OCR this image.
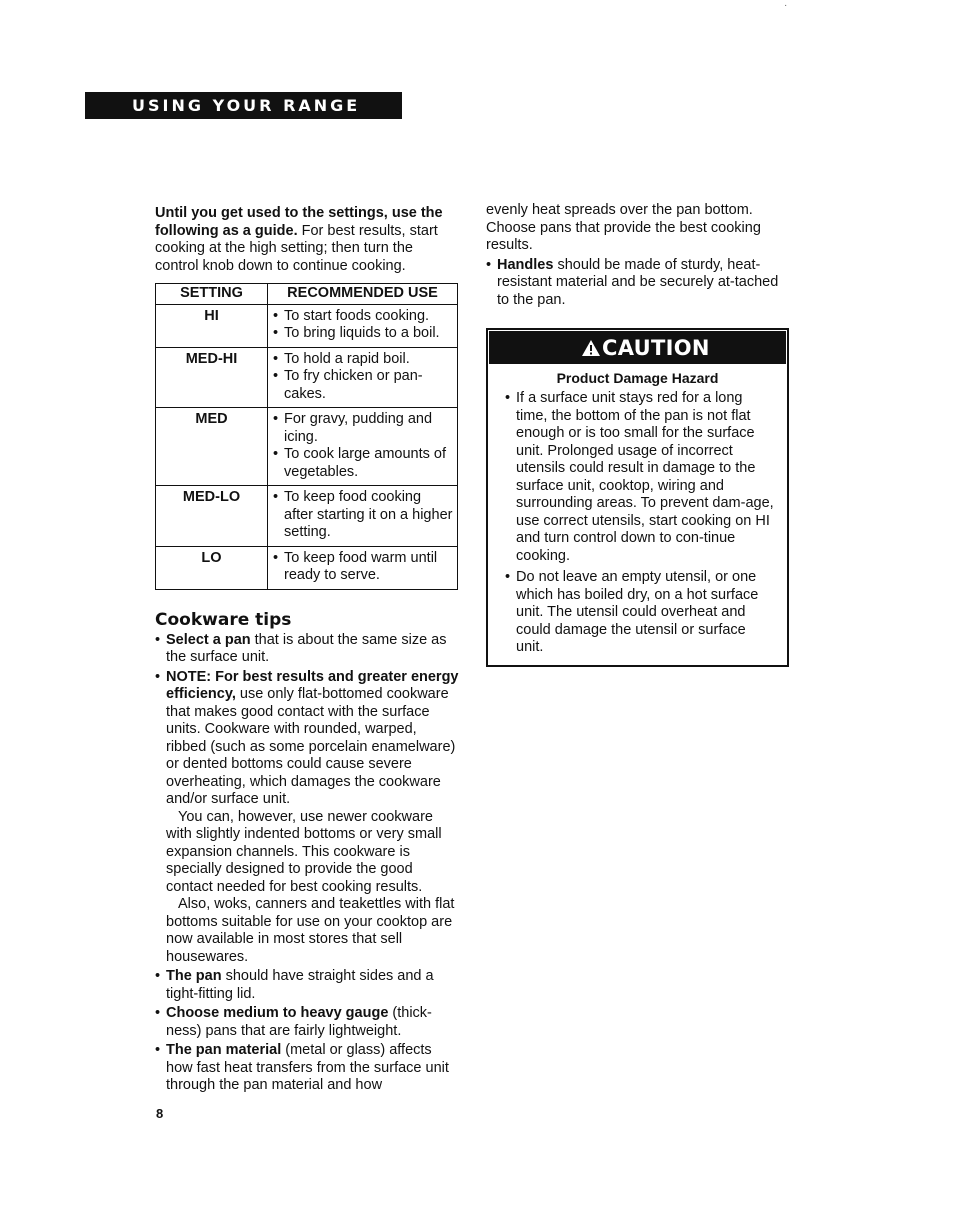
·
USING YOUR RANGE

Until you get used to the settings, use the following as a guide. For best results, start cooking at the high setting; then turn the control knob down to continue cooking.

SETTING	RECOMMENDED USE
HI	• To start foods cooking.
• To bring liquids to a boil.

MED-HI	• To hold a rapid boil.
• To fry chicken or pan-cakes.

MED	• For gravy, pudding and icing.
• To cook large amounts of vegetables.

MED-LO	• To keep food cooking after starting it on a higher setting.

LO	• To keep food warm until ready to serve.
Cookware tips
• Select a pan that is about the same size as the surface unit.

• NOTE: For best results and greater energy efficiency, use only flat-bottomed cookware that makes good contact with the surface units. Cookware with rounded, warped, ribbed (such as some porcelain enamelware) or dented bottoms could cause severe overheating, which damages the cookware and/or surface unit.

You can, however, use newer cookware with slightly indented bottoms or very small expansion channels. This cookware is specially designed to provide the good contact needed for best cooking results.

Also, woks, canners and teakettles with flat bottoms suitable for use on your cooktop are now available in most stores that sell housewares.

• The pan should have straight sides and a tight-fitting lid.

• Choose medium to heavy gauge (thick-ness) pans that are fairly lightweight.

• The pan material (metal or glass) affects how fast heat transfers from the surface unit through the pan material and how

evenly heat spreads over the pan bottom. Choose pans that provide the best cooking results.

• Handles should be made of sturdy, heat-resistant material and be securely at-tached to the pan.

CAUTION
Product Damage Hazard
• If a surface unit stays red for a long time, the bottom of the pan is not flat enough or is too small for the surface unit. Prolonged usage of incorrect utensils could result in damage to the surface unit, cooktop, wiring and surrounding areas. To prevent dam-age, use correct utensils, start cooking on HI and turn control down to con-tinue cooking.

• Do not leave an empty utensil, or one which has boiled dry, on a hot surface unit. The utensil could overheat and could damage the utensil or surface unit.

8
